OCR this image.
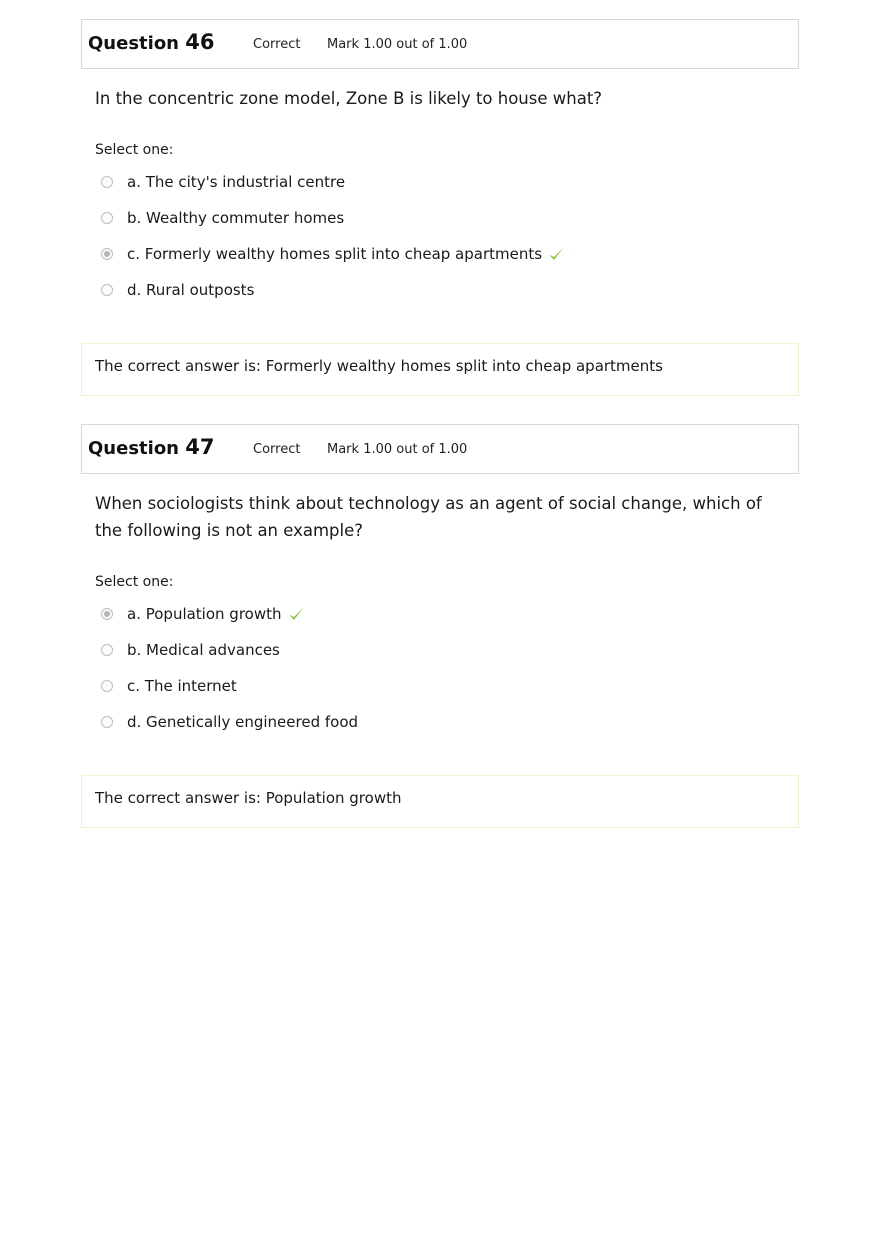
Question 46	Correct Mark 1.00 out of 1.00
In the concentric zone model, Zone B is likely to house what?
Select one:
a. The city's industrial centre
b. Wealthy commuter homes
c. Formerly wealthy homes split into cheap apartments
d. Rural outposts
The correct answer is: Formerly wealthy homes split into cheap apartments
Question 47	Correct Mark 1.00 out of 1.00
When sociologists think about technology as an agent of social change, which of the following is not an example?
Select one:
a. Population growth
b. Medical advances
c. The internet
d. Genetically engineered food
The correct answer is: Population growth
